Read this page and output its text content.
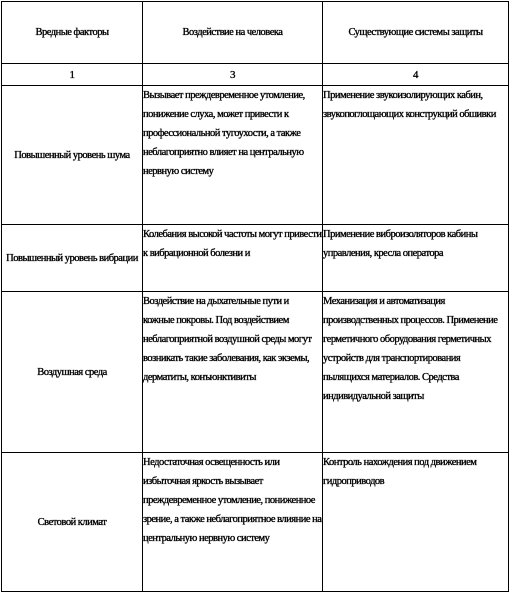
Вредные факторы	Воздействие на человека	Существующие системы защиты
1	3	4
Повышенный уровень шума	Вызывает преждевременное утомление, понижение слуха, может привести к профессиональной тугоухости, а также неблагоприятно влияет на центральную нервную систему	Применение звукоизолирующих кабин, звукопоглощающих конструкций обшивки
Повышенный уровень вибрации	Колебания высокой частоты могут привести к вибрационной болезни и	Применение виброизоляторов кабины управления, кресла оператора
Воздушная среда	Воздействие на дыхательные пути и кожные покровы. Под воздействием неблагоприятной воздушной среды могут возникать такие заболевания, как экземы, дерматиты, конъюнктивиты	Механизация и автоматизация производственных процессов. Применение герметичного оборудования герметичных устройств для транспортирования пылящихся материалов. Средства индивидуальной защиты
Световой климат	Недостаточная освещенность или избыточная яркость вызывает преждевременное утомление, пониженное зрение, а также неблагоприятное влияние на центральную нервную систему	Контроль нахождения под движением гидроприводов
